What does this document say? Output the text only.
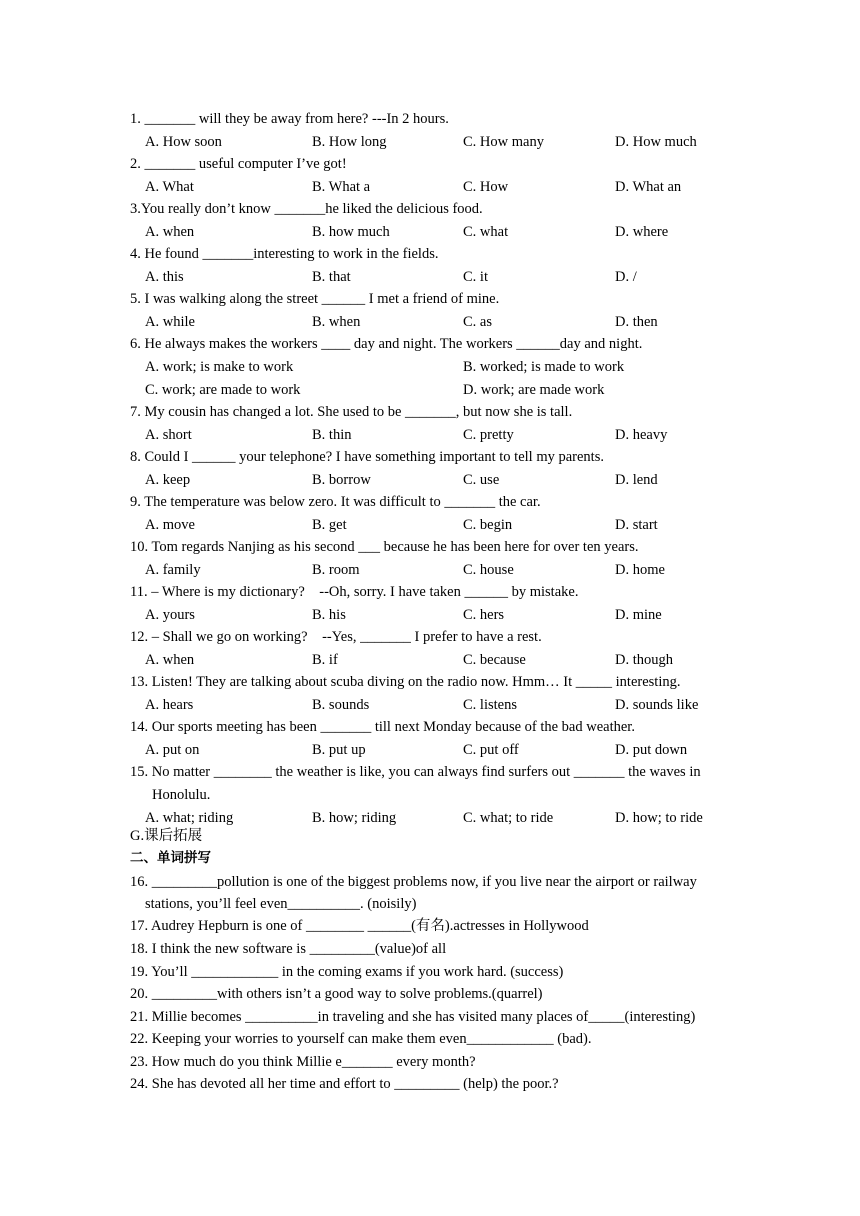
1. _______ will they be away from here? ---In 2 hours.
A. How soon	B. How long	C. How many	D. How much
2. _______ useful computer I’ve got!
A. What	B. What a	C. How	D. What an
3.You really don’t know _______he liked the delicious food.
A. when	B. how much	C. what	D. where
4. He found _______interesting to work in the fields.
A. this	B. that	C. it	D. /
5. I was walking along the street ______ I met a friend of mine.
A. while	B. when	C. as	D. then
6. He always makes the workers ____ day and night. The workers ______day and night.
A. work; is make to work	B. worked; is made to work
C. work; are made to work	D. work; are made work
7. My cousin has changed a lot. She used to be _______, but now she is tall.
A. short	B. thin	C. pretty	D. heavy
8. Could I ______ your telephone? I have something important to tell my parents.
A. keep	B. borrow	C. use	D. lend
9. The temperature was below zero. It was difficult to _______ the car.
A. move	B. get	C. begin	D. start
10. Tom regards Nanjing as his second ___ because he has been here for over ten years.
A. family	B. room	C. house	D. home
11. – Where is my dictionary?    --Oh, sorry. I have taken ______ by mistake.
A. yours	B. his	C. hers	D. mine
12. – Shall we go on working?    --Yes, _______ I prefer to have a rest.
A. when	B. if	C. because	D. though
13. Listen! They are talking about scuba diving on the radio now. Hmm… It _____ interesting.
A. hears	B. sounds	C. listens	D. sounds like
14. Our sports meeting has been _______ till next Monday because of the bad weather.
A. put on	B. put up	C. put off	D. put down
15. No matter ________ the weather is like, you can always find surfers out _______ the waves in
Honolulu.
A. what; riding	B. how; riding	C. what; to ride	D. how; to ride
G.课后拓展
二、单词拼写
16. _________pollution is one of the biggest problems now, if you live near the airport or railway
stations, you’ll feel even__________. (noisily)
17. Audrey Hepburn is one of ________ ______(有名).actresses in Hollywood
18. I think the new software is _________(value)of all
19. You’ll ____________ in the coming exams if you work hard. (success)
20. _________with others isn’t a good way to solve problems.(quarrel)
21. Millie becomes __________in traveling and she has visited many places of_____(interesting)
22. Keeping your worries to yourself can make them even____________ (bad).
23. How much do you think Millie e_______ every month?
24. She has devoted all her time and effort to _________ (help) the poor.?
